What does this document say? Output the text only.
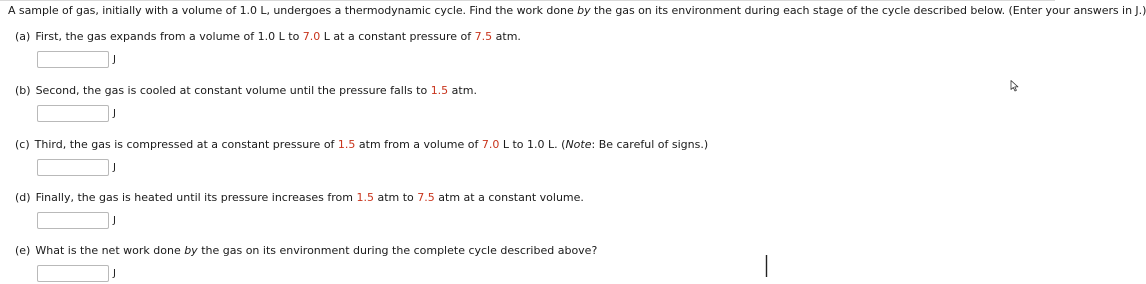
A sample of gas, initially with a volume of 1.0 L, undergoes a thermodynamic cycle. Find the work done by the gas on its environment during each stage of the cycle described below. (Enter your answers in J.)
(a) First, the gas expands from a volume of 1.0 L to 7.0 L at a constant pressure of 7.5 atm.
J
(b) Second, the gas is cooled at constant volume until the pressure falls to 1.5 atm.
J
(c) Third, the gas is compressed at a constant pressure of 1.5 atm from a volume of 7.0 L to 1.0 L. (Note: Be careful of signs.)
J
(d) Finally, the gas is heated until its pressure increases from 1.5 atm to 7.5 atm at a constant volume.
J
(e) What is the net work done by the gas on its environment during the complete cycle described above?
J
